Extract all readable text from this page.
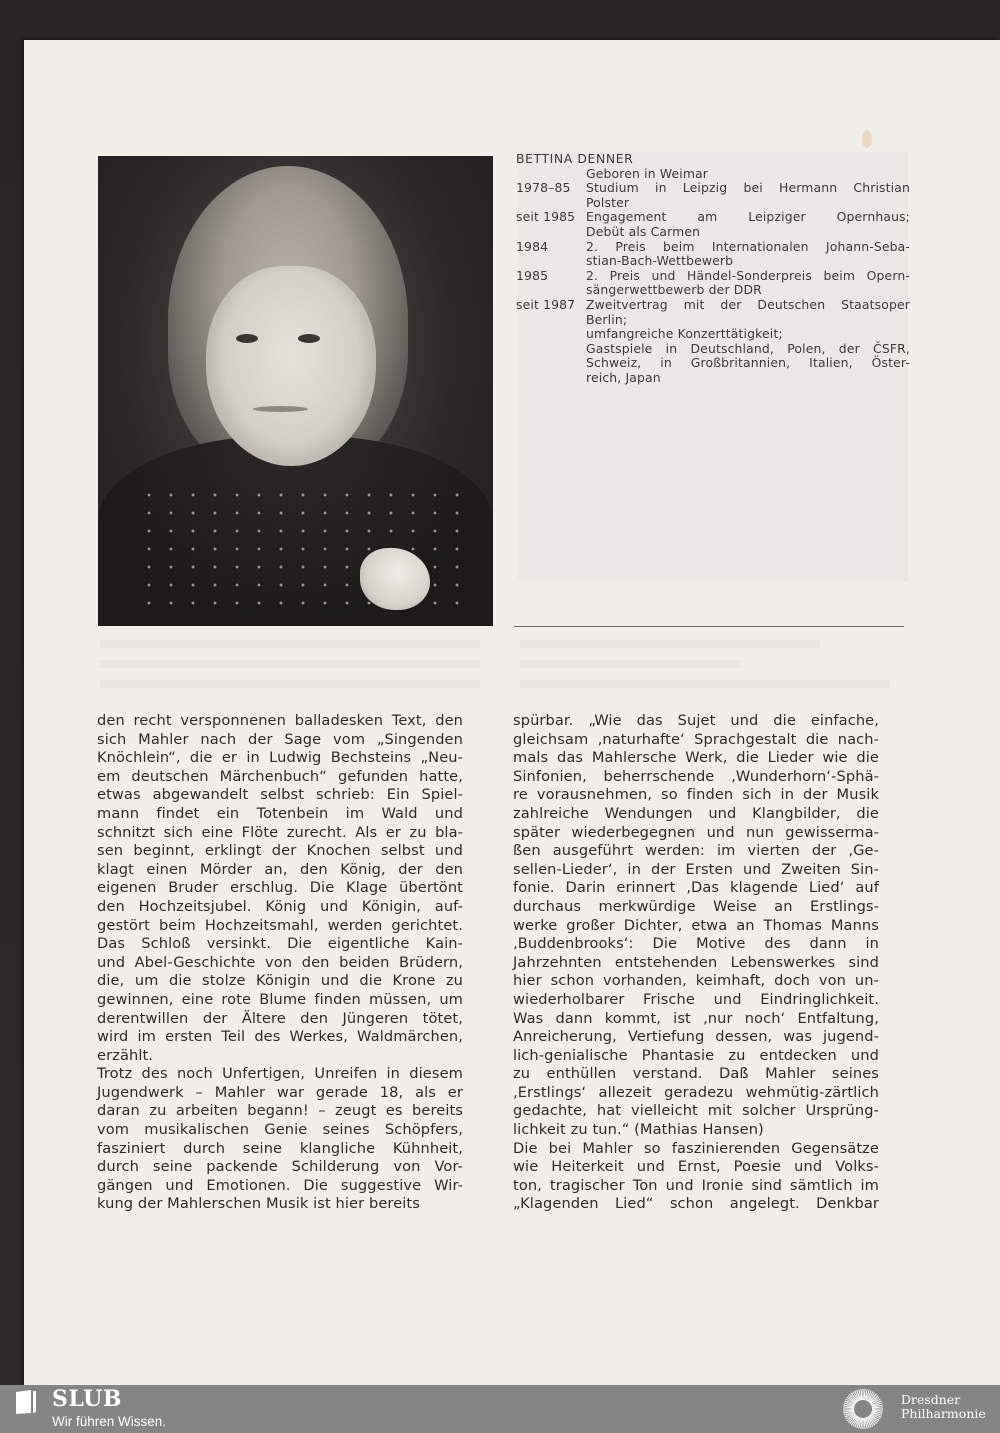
BETTINA DENNER
Geboren in Weimar
1978–85	Studium in Leipzig bei Hermann Christian
Polster
seit 1985 Engagement am Leipziger Opernhaus;
Debüt als Carmen
1984	2. Preis beim Internationalen Johann-Seba-
stian-Bach-Wettbewerb
1985	2. Preis und Händel-Sonderpreis beim Opern-
sängerwettbewerb der DDR
seit 1987 Zweitvertrag mit der Deutschen Staatsoper
Berlin;
umfangreiche Konzerttätigkeit;
Gastspiele in Deutschland, Polen, der ČSFR,
Schweiz, in Großbritannien, Italien, Öster-
reich, Japan
den recht versponnenen balladesken Text, den
sich Mahler nach der Sage vom „Singenden
Knöchlein“, die er in Ludwig Bechsteins „Neu-
em deutschen Märchenbuch“ gefunden hatte,
etwas abgewandelt selbst schrieb: Ein Spiel-
mann findet ein Totenbein im Wald und
schnitzt sich eine Flöte zurecht. Als er zu bla-
sen beginnt, erklingt der Knochen selbst und
klagt einen Mörder an, den König, der den
eigenen Bruder erschlug. Die Klage übertönt
den Hochzeitsjubel. König und Königin, auf-
gestört beim Hochzeitsmahl, werden gerichtet.
Das Schloß versinkt. Die eigentliche Kain-
und Abel-Geschichte von den beiden Brüdern,
die, um die stolze Königin und die Krone zu
gewinnen, eine rote Blume finden müssen, um
derentwillen der Ältere den Jüngeren tötet,
wird im ersten Teil des Werkes, Waldmärchen,
erzählt.
Trotz des noch Unfertigen, Unreifen in diesem
Jugendwerk – Mahler war gerade 18, als er
daran zu arbeiten begann! – zeugt es bereits
vom musikalischen Genie seines Schöpfers,
fasziniert durch seine klangliche Kühnheit,
durch seine packende Schilderung von Vor-
gängen und Emotionen. Die suggestive Wir-
kung der Mahlerschen Musik ist hier bereits
spürbar. „Wie das Sujet und die einfache,
gleichsam ‚naturhafte‘ Sprachgestalt die nach-
mals das Mahlersche Werk, die Lieder wie die
Sinfonien, beherrschende ‚Wunderhorn‘-Sphä-
re vorausnehmen, so finden sich in der Musik
zahlreiche Wendungen und Klangbilder, die
später wiederbegegnen und nun gewisserma-
ßen ausgeführt werden: im vierten der ‚Ge-
sellen-Lieder‘, in der Ersten und Zweiten Sin-
fonie. Darin erinnert ‚Das klagende Lied‘ auf
durchaus merkwürdige Weise an Erstlings-
werke großer Dichter, etwa an Thomas Manns
‚Buddenbrooks‘: Die Motive des dann in
Jahrzehnten entstehenden Lebenswerkes sind
hier schon vorhanden, keimhaft, doch von un-
wiederholbarer Frische und Eindringlichkeit.
Was dann kommt, ist ‚nur noch‘ Entfaltung,
Anreicherung, Vertiefung dessen, was jugend-
lich-genialische Phantasie zu entdecken und
zu enthüllen verstand. Daß Mahler seines
‚Erstlings‘ allezeit geradezu wehmütig-zärtlich
gedachte, hat vielleicht mit solcher Ursprüng-
lichkeit zu tun.“ (Mathias Hansen)
Die bei Mahler so faszinierenden Gegensätze
wie Heiterkeit und Ernst, Poesie und Volks-
ton, tragischer Ton und Ironie sind sämtlich im
„Klagenden Lied“ schon angelegt. Denkbar
SLUB
Wir führen Wissen.
Dresdner
Philharmonie
